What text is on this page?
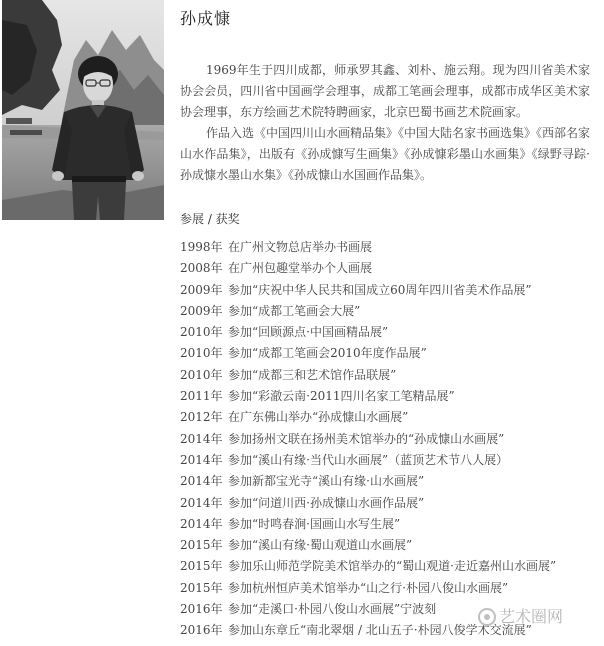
孙成慷

1969年生于四川成都，师承罗其鑫、刘朴、施云翔。现为四川省美术家协会会员，四川省中国画学会理事，成都工笔画会理事，成都市成华区美术家协会理事，东方绘画艺术院特聘画家，北京巴蜀书画艺术院画家。

作品入选《中国四川山水画精品集》《中国大陆名家书画选集》《西部名家山水作品集》，出版有《孙成慷写生画集》《孙成慷彩墨山水画集》《绿野寻踪·孙成慷水墨山水集》《孙成慷山水国画作品集》。

参展 / 获奖
1998年 在广州文物总店举办书画展
2008年 在广州包趣堂举办个人画展
2009年 参加“庆祝中华人民共和国成立60周年四川省美术作品展”
2009年 参加“成都工笔画会大展”
2010年 参加“回顾源点·中国画精品展”
2010年 参加“成都工笔画会2010年度作品展”
2010年 参加“成都三和艺术馆作品联展”
2011年 参加“彩澈云南·2011四川名家工笔精品展”
2012年 在广东佛山举办“孙成慷山水画展”
2014年 参加扬州文联在扬州美术馆举办的“孙成慷山水画展”
2014年 参加“溪山有缘·当代山水画展”（蓝顶艺术节八人展）
2014年 参加新都宝光寺“溪山有缘·山水画展”
2014年 参加“问道川西·孙成慷山水画作品展”
2014年 参加“时鸣春涧·国画山水写生展”
2015年 参加“溪山有缘·蜀山观道山水画展”
2015年 参加乐山师范学院美术馆举办的“蜀山观道·走近嘉州山水画展”
2015年 参加杭州恒庐美术馆举办“山之行·朴园八俊山水画展”
2016年 参加“走溪口·朴园八俊山水画展”宁波刻
2016年 参加山东章丘“南北翠烟 / 北山五子·朴园八俊学术交流展”
艺术圈网
